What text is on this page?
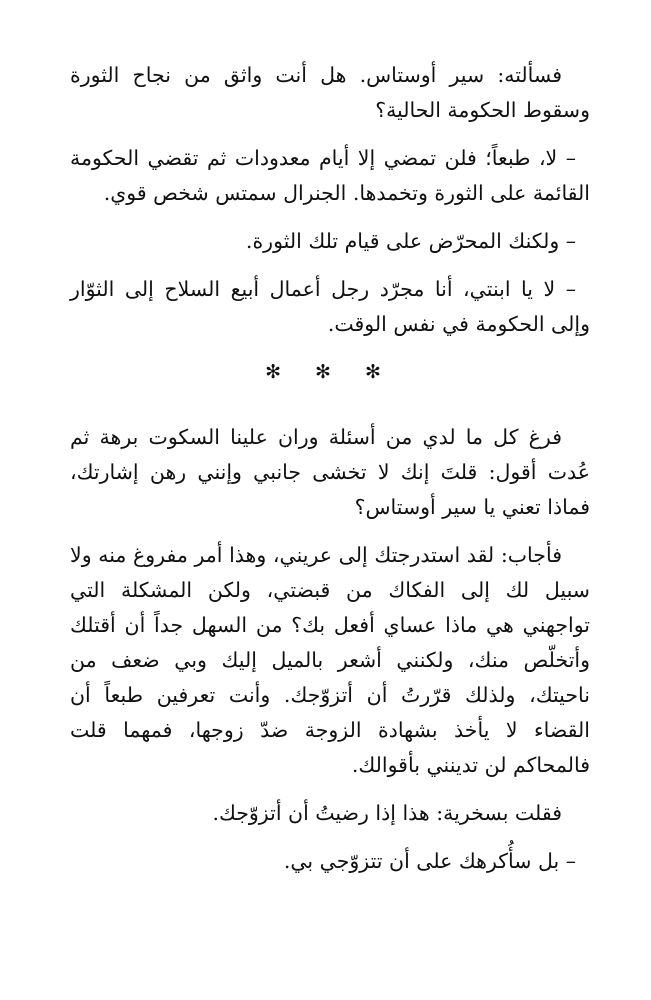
فسألته: سير أوستاس. هل أنت واثق من نجاح الثورة وسقوط الحكومة الحالية؟

– لا، طبعاً؛ فلن تمضي إلا أيام معدودات ثم تقضي الحكومة القائمة على الثورة وتخمدها. الجنرال سمتس شخص قوي.

– ولكنك المحرّض على قيام تلك الثورة.

– لا يا ابنتي، أنا مجرّد رجل أعمال أبيع السلاح إلى الثوّار وإلى الحكومة في نفس الوقت.

✻ ✻ ✻

فرغ كل ما لدي من أسئلة وران علينا السكوت برهة ثم عُدت أقول: قلتَ إنك لا تخشى جانبي وإنني رهن إشارتك، فماذا تعني يا سير أوستاس؟

فأجاب: لقد استدرجتك إلى عريني، وهذا أمر مفروغ منه ولا سبيل لك إلى الفكاك من قبضتي، ولكن المشكلة التي تواجهني هي ماذا عساي أفعل بك؟ من السهل جداً أن أقتلك وأتخلّص منك، ولكنني أشعر بالميل إليك وبي ضعف من ناحيتك، ولذلك قرّرتُ أن أتزوّجك. وأنت تعرفين طبعاً أن القضاء لا يأخذ بشهادة الزوجة ضدّ زوجها، فمهما قلت فالمحاكم لن تدينني بأقوالك.

فقلت بسخرية: هذا إذا رضيتُ أن أتزوّجك.

– بل سأُكرهك على أن تتزوّجي بي.
